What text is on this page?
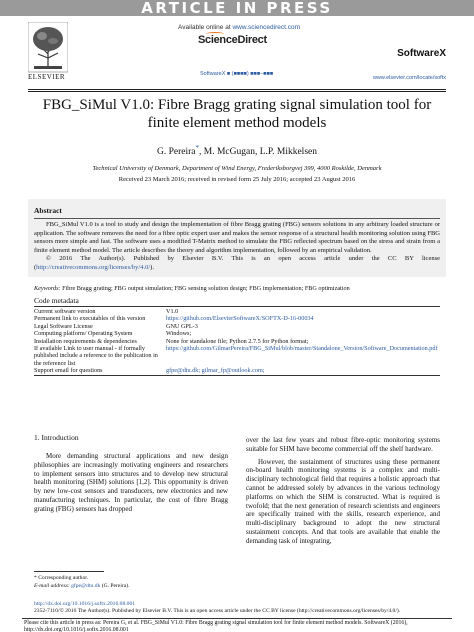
ARTICLE IN PRESS
ELSEVIER
Available online at www.sciencedirect.com
ScienceDirect
SoftwareX ■ (■■■■) ■■■–■■■
SoftwareX
www.elsevier.com/locate/softx
FBG_SiMul V1.0: Fibre Bragg grating signal simulation tool for finite element method models
G. Pereira*, M. McGugan, L.P. Mikkelsen
Technical University of Denmark, Department of Wind Energy, Frederiksborgvej 399, 4000 Roskilde, Denmark
Received 23 March 2016; received in revised form 25 July 2016; accepted 23 August 2016
Abstract
FBG_SiMul V1.0 is a tool to study and design the implementation of fibre Bragg grating (FBG) sensors solutions in any arbitrary loaded structure or application. The software removes the need for a fibre optic expert user and makes the sensor response of a structural health monitoring solution using FBG sensors more simple and fast. The software uses a modified T-Matrix method to simulate the FBG reflected spectrum based on the stress and strain from a finite element method model. The article describes the theory and algorithm implementation, followed by an empirical validation.
© 2016 The Author(s). Published by Elsevier B.V. This is an open access article under the CC BY license (http://creativecommons.org/licenses/by/4.0/).
Keywords: Fibre Bragg grating; FBG output simulation; FBG sensing solution design; FBG implementation; FBG optimization
Code metadata
Current software version	V1.0
Permanent link to executables of this version	https://github.com/ElsevierSoftwareX/SOFTX-D-16-00034
Legal Software License	GNU GPL-3
Computing platform/ Operating System	Windows;
Installation requirements & dependencies	None for standalone file; Python 2.7.5 for Python format;
If available Link to user manual - if formally published include a reference to the publication in the reference list	https://github.com/GilmarPereira/FBG_SiMul/blob/master/Standalone_Version/Software_Documentation.pdf
Support email for questions	gfpe@dtu.dk; gilmar_fp@outlook.com;
1. Introduction

More demanding structural applications and new design philosophies are increasingly motivating engineers and researchers to implement sensors into structures and to develop new structural health monitoring (SHM) solutions [1,2]. This opportunity is driven by new low-cost sensors and transducers, new electronics and new manufacturing techniques. In particular, the cost of fibre Bragg grating (FBG) sensors has dropped

over the last few years and robust fibre-optic monitoring systems suitable for SHM have become commercial off the shelf hardware.

However, the sustainment of structures using these permanent on-board health monitoring systems is a complex and multi-disciplinary technological field that requires a holistic approach that cannot be addressed solely by advances in the various technology platforms on which the SHM is constructed. What is required is twofold; that the next generation of research scientists and engineers are specifically trained with the skills, research experience, and multi-disciplinary background to adopt the new structural sustainment concepts. And that tools are available that enable the demanding task of integrating,

* Corresponding author.
E-mail address: gfpe@dtu.dk (G. Pereira).
http://dx.doi.org/10.1016/j.softx.2016.08.001
2352-7110/© 2016 The Author(s). Published by Elsevier B.V. This is an open access article under the CC BY license (http://creativecommons.org/licenses/by/4.0/).
Please cite this article in press as: Pereira G, et al. FBG_SiMul V1.0: Fibre Bragg grating signal simulation tool for finite element method models. SoftwareX (2016), http://dx.doi.org/10.1016/j.softx.2016.08.001
